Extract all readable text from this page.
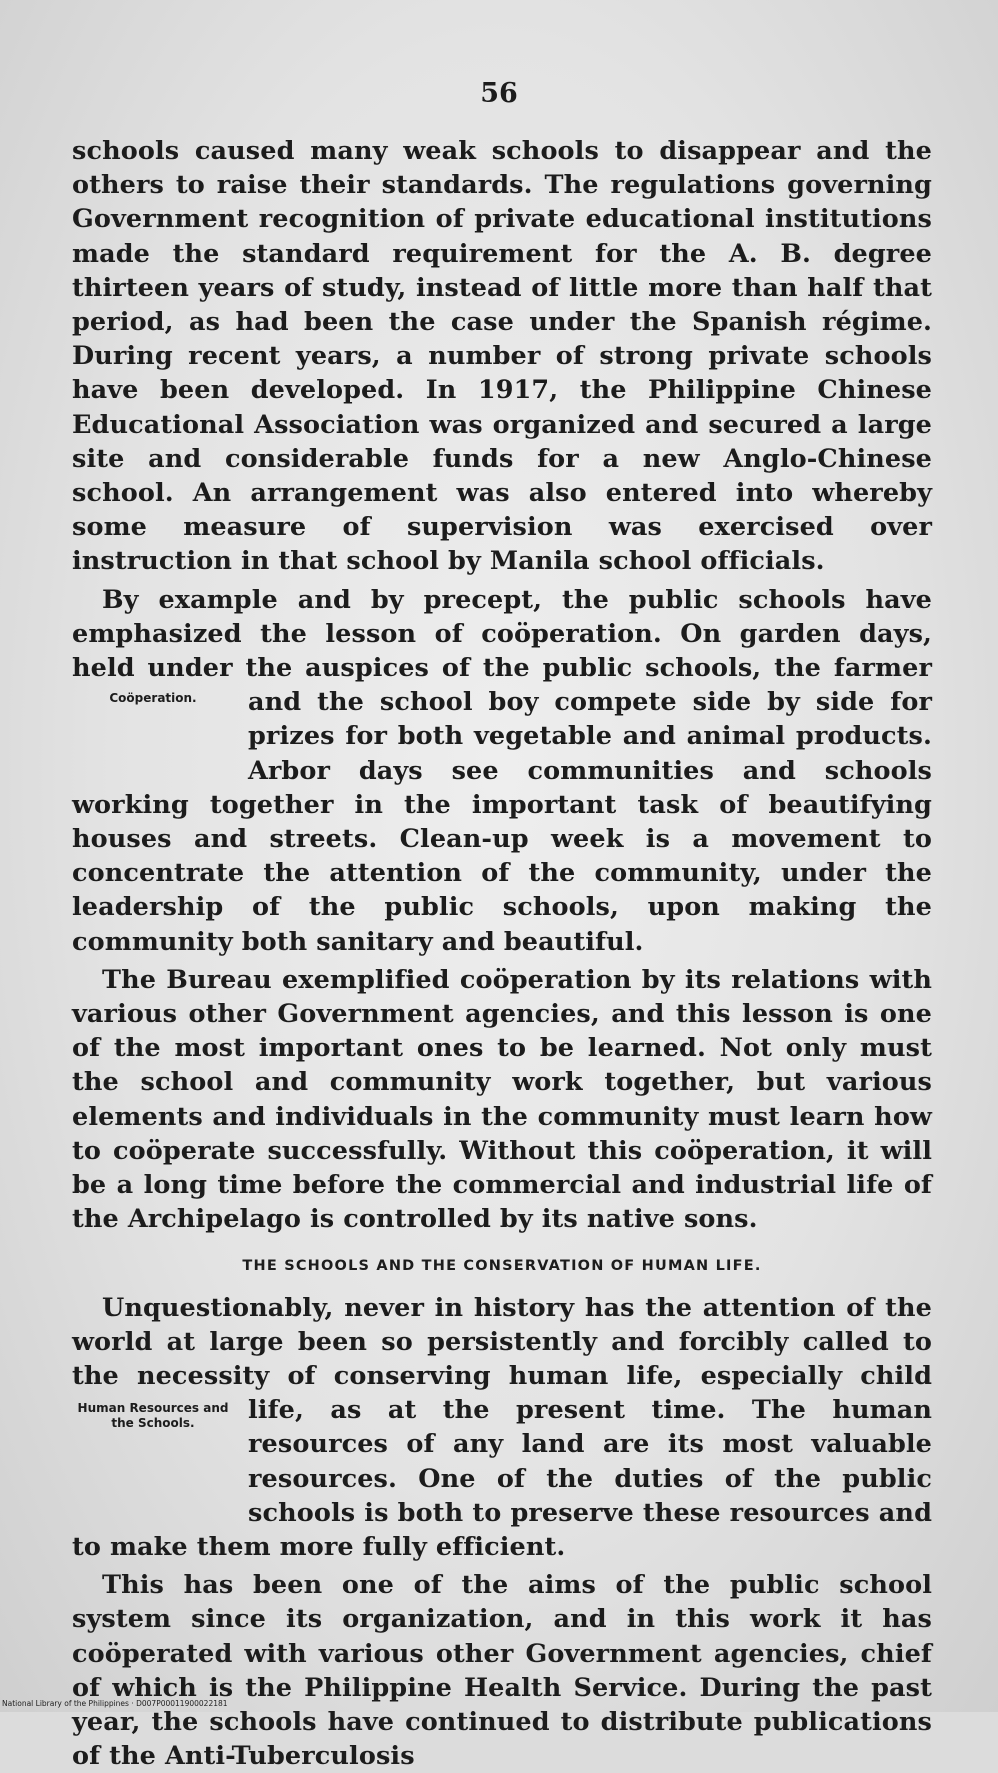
56

schools caused many weak schools to disappear and the others to raise their standards. The regulations governing Government recognition of private educational institutions made the standard requirement for the A. B. degree thirteen years of study, instead of little more than half that period, as had been the case under the Spanish régime. During recent years, a number of strong private schools have been developed. In 1917, the Philippine Chinese Educational Association was organized and secured a large site and considerable funds for a new Anglo-Chinese school. An arrangement was also entered into whereby some measure of supervision was exercised over instruction in that school by Manila school officials.

By example and by precept, the public schools have emphasized the lesson of coöperation. On garden days, held under the auspices of the public schools, the farmer and the school boy compete
Coöperation.	side by side for prizes for both vegetable and animal products. Arbor days see communities and schools working together in the important task of beautifying houses and streets. Clean-up week is a movement to concentrate the attention of the community, under the leadership of the public schools, upon making the community both sanitary and beautiful.

The Bureau exemplified coöperation by its relations with various other Government agencies, and this lesson is one of the most important ones to be learned. Not only must the school and community work together, but various elements and individuals in the community must learn how to coöperate successfully. Without this coöperation, it will be a long time before the commercial and industrial life of the Archipelago is controlled by its native sons.

THE SCHOOLS AND THE CONSERVATION OF HUMAN LIFE.

Unquestionably, never in history has the attention of the world at large been so persistently and forcibly called to the necessity of conserving human life, especially child life, as at
Human Resources and the Schools.	the present time. The human resources of any land are its most valuable resources. One of the duties of the public schools is both to preserve these resources and to make them more fully efficient.

This has been one of the aims of the public school system since its organization, and in this work it has coöperated with various other Government agencies, chief of which is the Philippine Health Service. During the past year, the schools have continued to distribute publications of the Anti-Tuberculosis

National Library of the Philippines · D007P00011900022181
